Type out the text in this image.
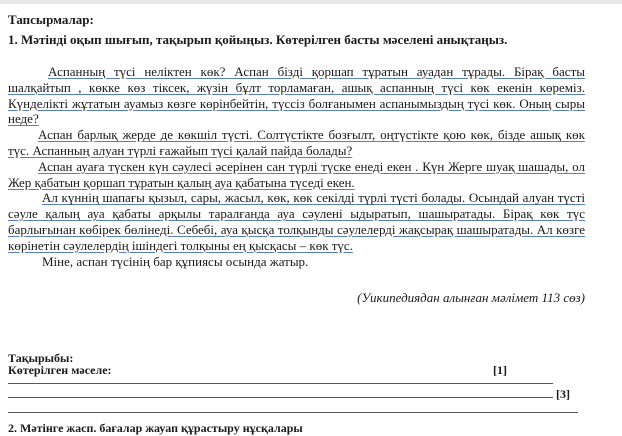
Тапсырмалар:
1. Мәтінді оқып шығып, тақырып қойыңыз. Көтерілген басты мәселені анықтаңыз.

Аспанның түсі неліктен көк? Аспан бізді қоршап тұратын ауадан тұрады. Бірақ басты шалқайтып , көкке көз тіксек, жүзін бұлт торламаған, ашық аспанның түсі көк екенін көреміз. Күнделікті жұтатын ауамыз көзге көрінбейтін, түссіз болғанымен аспанымыздың түсі көк. Оның сыры неде?

Аспан барлық жерде де көкшіл түсті. Солтүстікте бозғылт, оңтүстікте қою көк, бізде ашық көк түс. Аспанның алуан түрлі ғажайып түсі қалай пайда болады?

Аспан ауаға түскен күн сәулесі әсерінен сан түрлі түске енеді екен . Күн Жерге шуақ шашады, ол Жер қабатын қоршап тұратын қалың ауа қабатына түседі екен.

Ал күннің шапағы қызыл, сары, жасыл, көк, көк секілді түрлі түсті болады. Осындай алуан түсті сәуле қалың ауа қабаты арқылы таралғанда ауа сәулені ыдыратып, шашыратады. Бірақ көк түс барлығынан көбірек бөлінеді. Себебі, ауа қысқа толқынды сәулелерді жақсырақ шашыратады. Ал көзге көрінетін сәулелердің ішіндегі толқыны ең қысқасы – көк түс.

Міне, аспан түсінің бар құпиясы осында жатыр.

(Уикипедиядан алынған мәлімет 113 сөз)
Тақырыбы:
Көтерілген мәселе:	[1]
[3]
2. Мәтінге жасп. бағалар жауап құрастыру нұсқалары
